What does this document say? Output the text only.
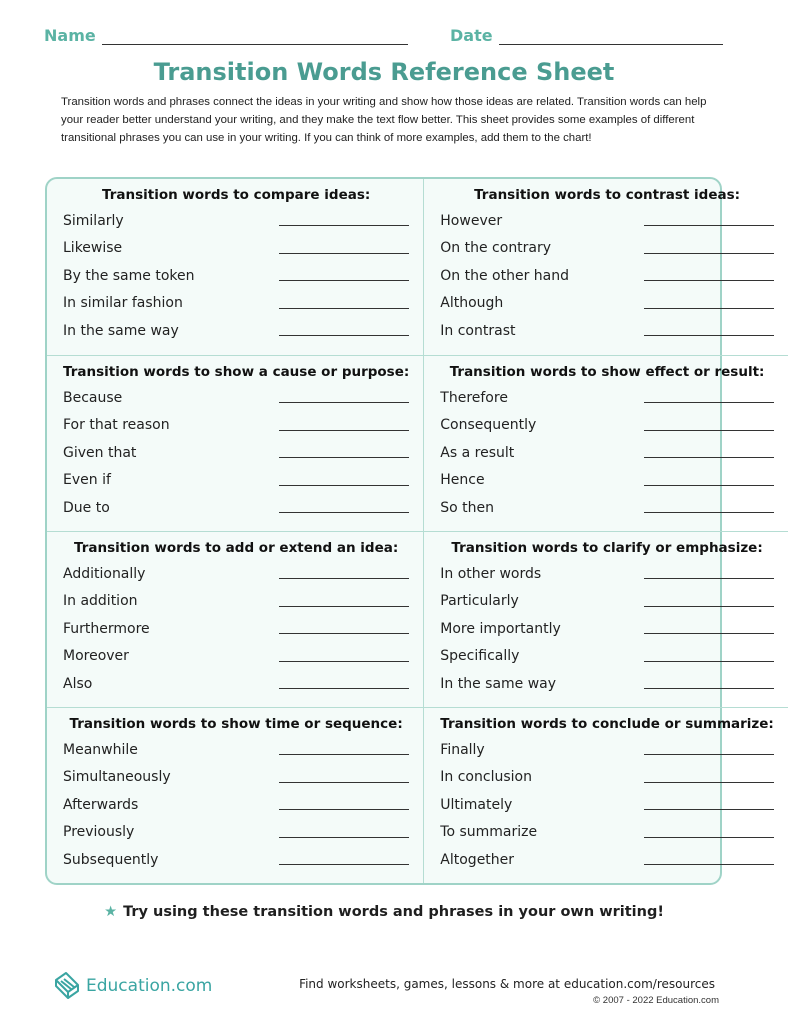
Name	Date
Transition Words Reference Sheet
Transition words and phrases connect the ideas in your writing and show how those ideas are related. Transition words can help your reader better understand your writing, and they make the text flow better. This sheet provides some examples of different transitional phrases you can use in your writing. If you can think of more examples, add them to the chart!
Transition words to compare ideas:
Similarly
Likewise
By the same token
In similar fashion
In the same way
Transition words to contrast ideas:
However
On the contrary
On the other hand
Although
In contrast
Transition words to show a cause or purpose:
Because
For that reason
Given that
Even if
Due to
Transition words to show effect or result:
Therefore
Consequently
As a result
Hence
So then
Transition words to add or extend an idea:
Additionally
In addition
Furthermore
Moreover
Also
Transition words to clarify or emphasize:
In other words
Particularly
More importantly
Specifically
In the same way
Transition words to show time or sequence:
Meanwhile
Simultaneously
Afterwards
Previously
Subsequently
Transition words to conclude or summarize:
Finally
In conclusion
Ultimately
To summarize
Altogether
★ Try using these transition words and phrases in your own writing!
Education.com	Find worksheets, games, lessons & more at education.com/resources
© 2007 - 2022 Education.com
